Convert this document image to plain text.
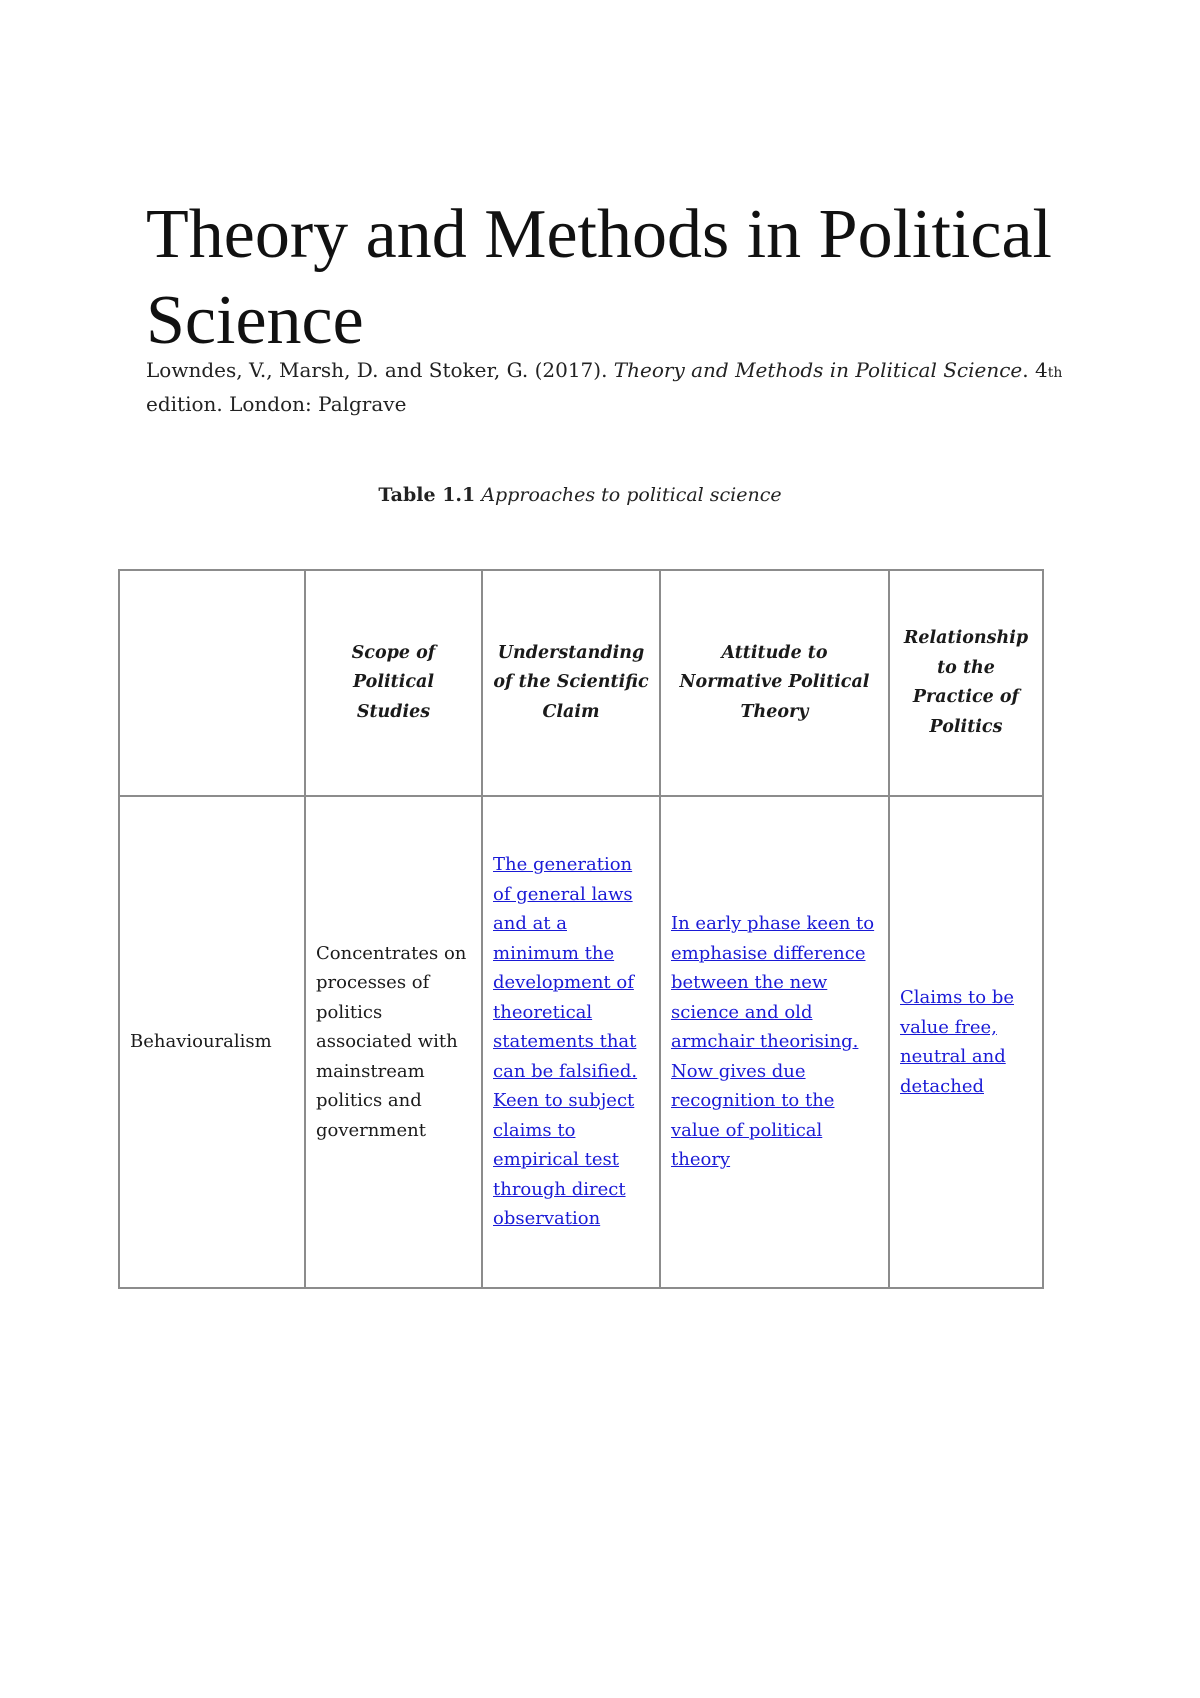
Theory and Methods in Political Science
Lowndes, V., Marsh, D. and Stoker, G. (2017). Theory and Methods in Political Science. 4th
edition. London: Palgrave
Table 1.1 Approaches to political science
	Scope of Political Studies	Understanding of the Scientific Claim	Attitude to Normative Political Theory	Relationship to the Practice of Politics
Behaviouralism	Concentrates on processes of politics associated with mainstream politics and government	The generation of general laws and at a minimum the development of theoretical statements that can be falsified. Keen to subject claims to empirical test through direct observation	In early phase keen to emphasise difference between the new science and old armchair theorising. Now gives due recognition to the value of political theory	Claims to be value free, neutral and detached
